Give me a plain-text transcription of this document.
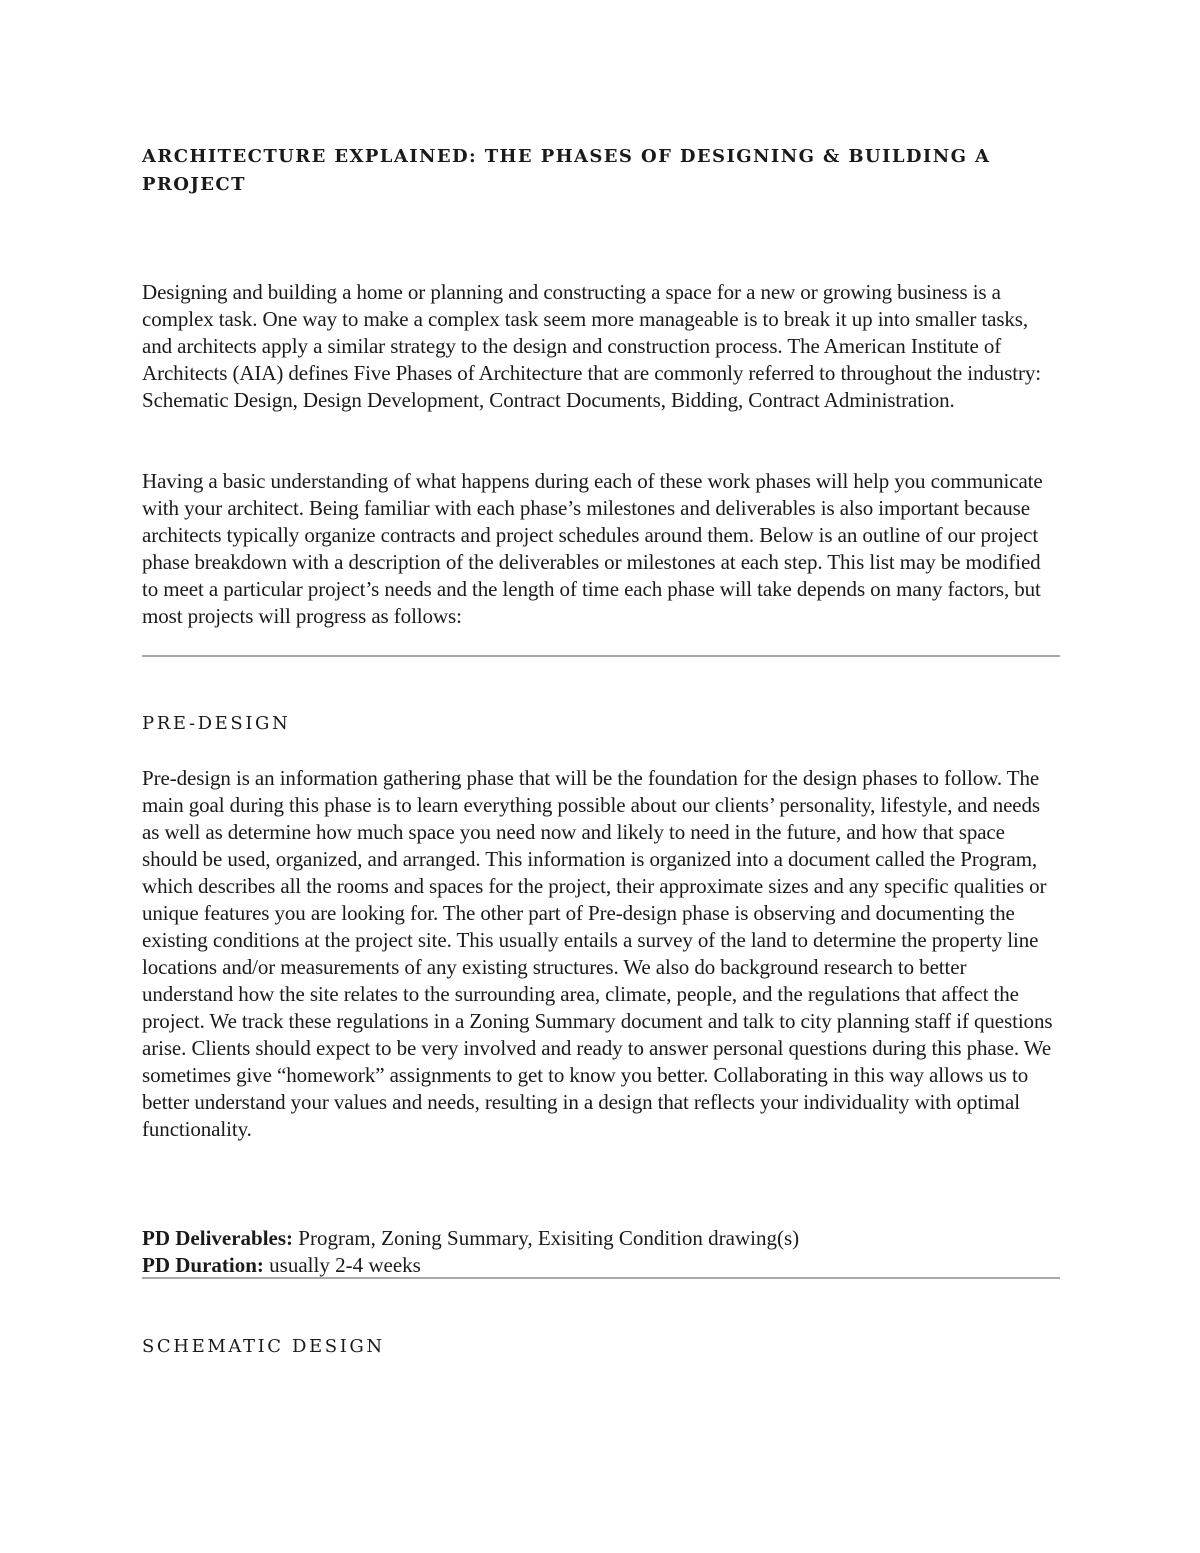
ARCHITECTURE EXPLAINED: THE PHASES OF DESIGNING & BUILDING A PROJECT

Designing and building a home or planning and constructing a space for a new or growing business is a complex task. One way to make a complex task seem more manageable is to break it up into smaller tasks, and architects apply a similar strategy to the design and construction process. The American Institute of Architects (AIA) defines Five Phases of Architecture that are commonly referred to throughout the industry: Schematic Design, Design Development, Contract Documents, Bidding, Contract Administration.

Having a basic understanding of what happens during each of these work phases will help you communicate with your architect. Being familiar with each phase’s milestones and deliverables is also important because architects typically organize contracts and project schedules around them. Below is an outline of our project phase breakdown with a description of the deliverables or milestones at each step. This list may be modified to meet a particular project’s needs and the length of time each phase will take depends on many factors, but most projects will progress as follows:

PRE-DESIGN

Pre-design is an information gathering phase that will be the foundation for the design phases to follow. The main goal during this phase is to learn everything possible about our clients’ personality, lifestyle, and needs as well as determine how much space you need now and likely to need in the future, and how that space should be used, organized, and arranged. This information is organized into a document called the Program, which describes all the rooms and spaces for the project, their approximate sizes and any specific qualities or unique features you are looking for. The other part of Pre-design phase is observing and documenting the existing conditions at the project site. This usually entails a survey of the land to determine the property line locations and/or measurements of any existing structures. We also do background research to better understand how the site relates to the surrounding area, climate, people, and the regulations that affect the project. We track these regulations in a Zoning Summary document and talk to city planning staff if questions arise. Clients should expect to be very involved and ready to answer personal questions during this phase. We sometimes give “homework” assignments to get to know you better. Collaborating in this way allows us to better understand your values and needs, resulting in a design that reflects your individuality with optimal functionality.

PD Deliverables: Program, Zoning Summary, Exisiting Condition drawing(s)
PD Duration: usually 2-4 weeks
SCHEMATIC DESIGN
